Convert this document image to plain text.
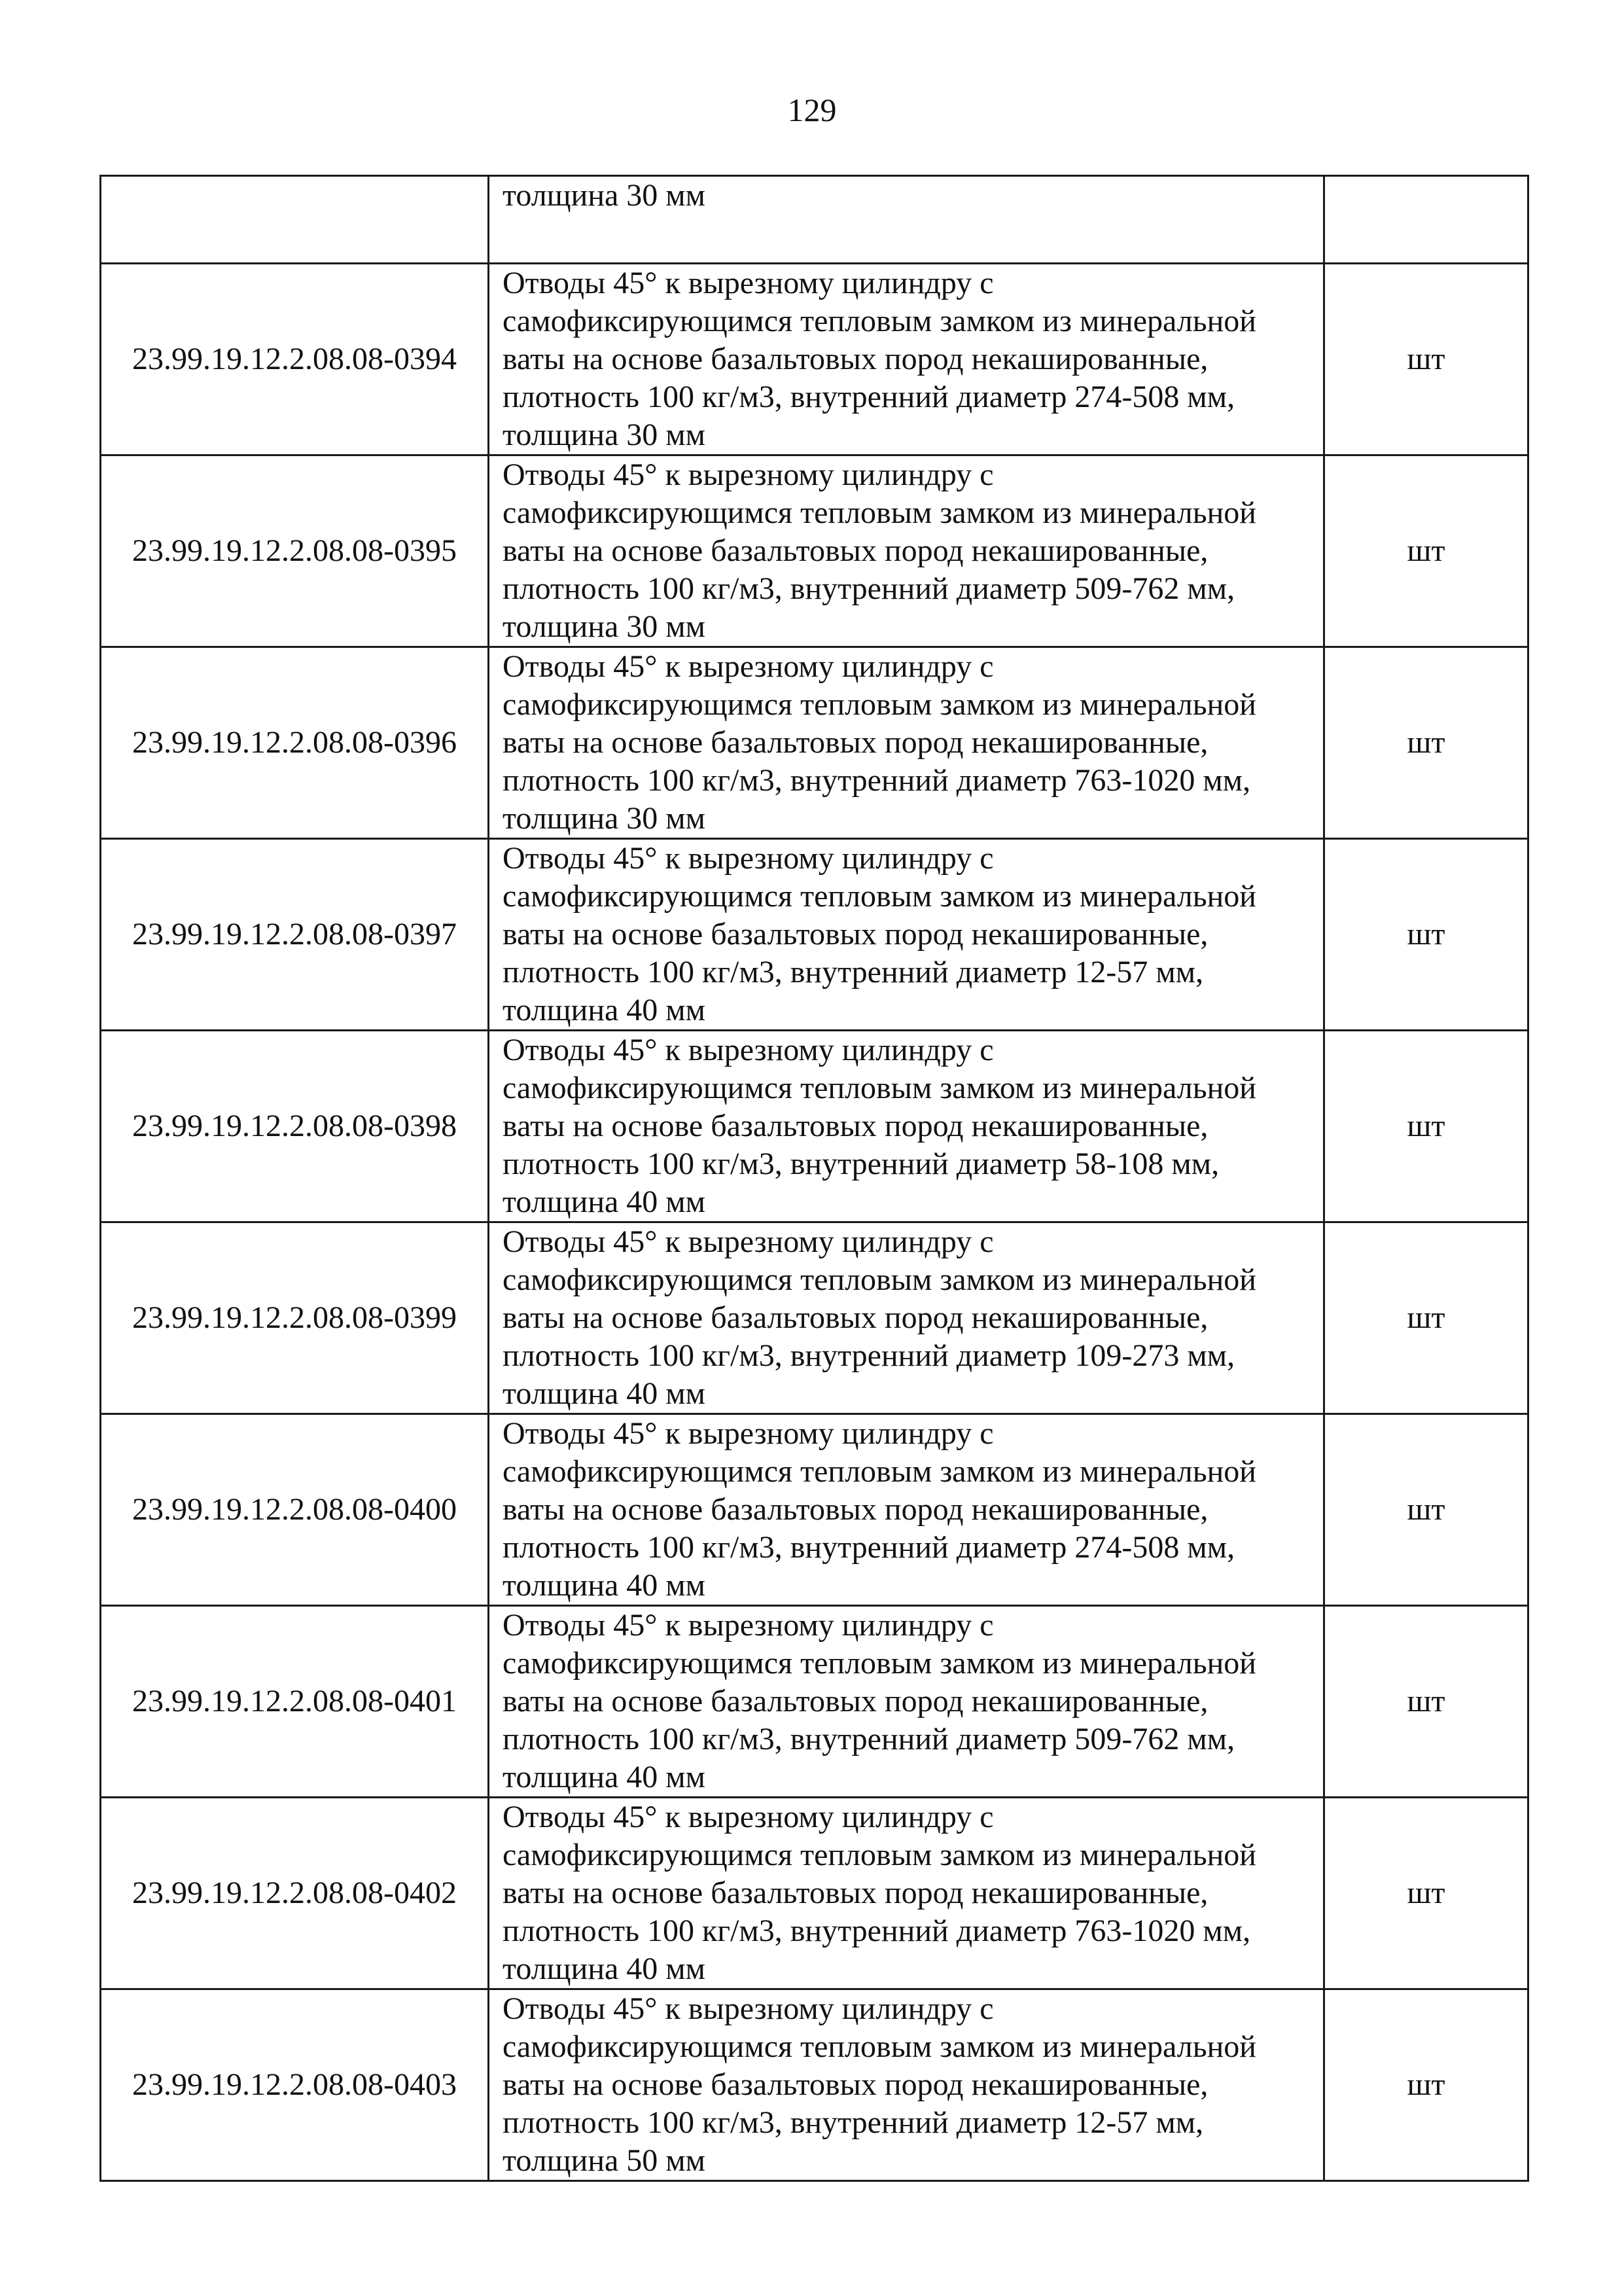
129

	толщина 30 мм	

23.99.19.12.2.08.08-0394	Отводы 45° к вырезному цилиндру с
самофиксирующимся тепловым замком из минеральной
ваты на основе базальтовых пород некашированные,
плотность 100 кг/м3, внутренний диаметр 274-508 мм,
толщина 30 мм	шт
23.99.19.12.2.08.08-0395	Отводы 45° к вырезному цилиндру с
самофиксирующимся тепловым замком из минеральной
ваты на основе базальтовых пород некашированные,
плотность 100 кг/м3, внутренний диаметр 509-762 мм,
толщина 30 мм	шт
23.99.19.12.2.08.08-0396	Отводы 45° к вырезному цилиндру с
самофиксирующимся тепловым замком из минеральной
ваты на основе базальтовых пород некашированные,
плотность 100 кг/м3, внутренний диаметр 763-1020 мм,
толщина 30 мм	шт
23.99.19.12.2.08.08-0397	Отводы 45° к вырезному цилиндру с
самофиксирующимся тепловым замком из минеральной
ваты на основе базальтовых пород некашированные,
плотность 100 кг/м3, внутренний диаметр 12-57 мм,
толщина 40 мм	шт
23.99.19.12.2.08.08-0398	Отводы 45° к вырезному цилиндру с
самофиксирующимся тепловым замком из минеральной
ваты на основе базальтовых пород некашированные,
плотность 100 кг/м3, внутренний диаметр 58-108 мм,
толщина 40 мм	шт
23.99.19.12.2.08.08-0399	Отводы 45° к вырезному цилиндру с
самофиксирующимся тепловым замком из минеральной
ваты на основе базальтовых пород некашированные,
плотность 100 кг/м3, внутренний диаметр 109-273 мм,
толщина 40 мм	шт
23.99.19.12.2.08.08-0400	Отводы 45° к вырезному цилиндру с
самофиксирующимся тепловым замком из минеральной
ваты на основе базальтовых пород некашированные,
плотность 100 кг/м3, внутренний диаметр 274-508 мм,
толщина 40 мм	шт
23.99.19.12.2.08.08-0401	Отводы 45° к вырезному цилиндру с
самофиксирующимся тепловым замком из минеральной
ваты на основе базальтовых пород некашированные,
плотность 100 кг/м3, внутренний диаметр 509-762 мм,
толщина 40 мм	шт
23.99.19.12.2.08.08-0402	Отводы 45° к вырезному цилиндру с
самофиксирующимся тепловым замком из минеральной
ваты на основе базальтовых пород некашированные,
плотность 100 кг/м3, внутренний диаметр 763-1020 мм,
толщина 40 мм	шт
23.99.19.12.2.08.08-0403	Отводы 45° к вырезному цилиндру с
самофиксирующимся тепловым замком из минеральной
ваты на основе базальтовых пород некашированные,
плотность 100 кг/м3, внутренний диаметр 12-57 мм,
толщина 50 мм	шт
